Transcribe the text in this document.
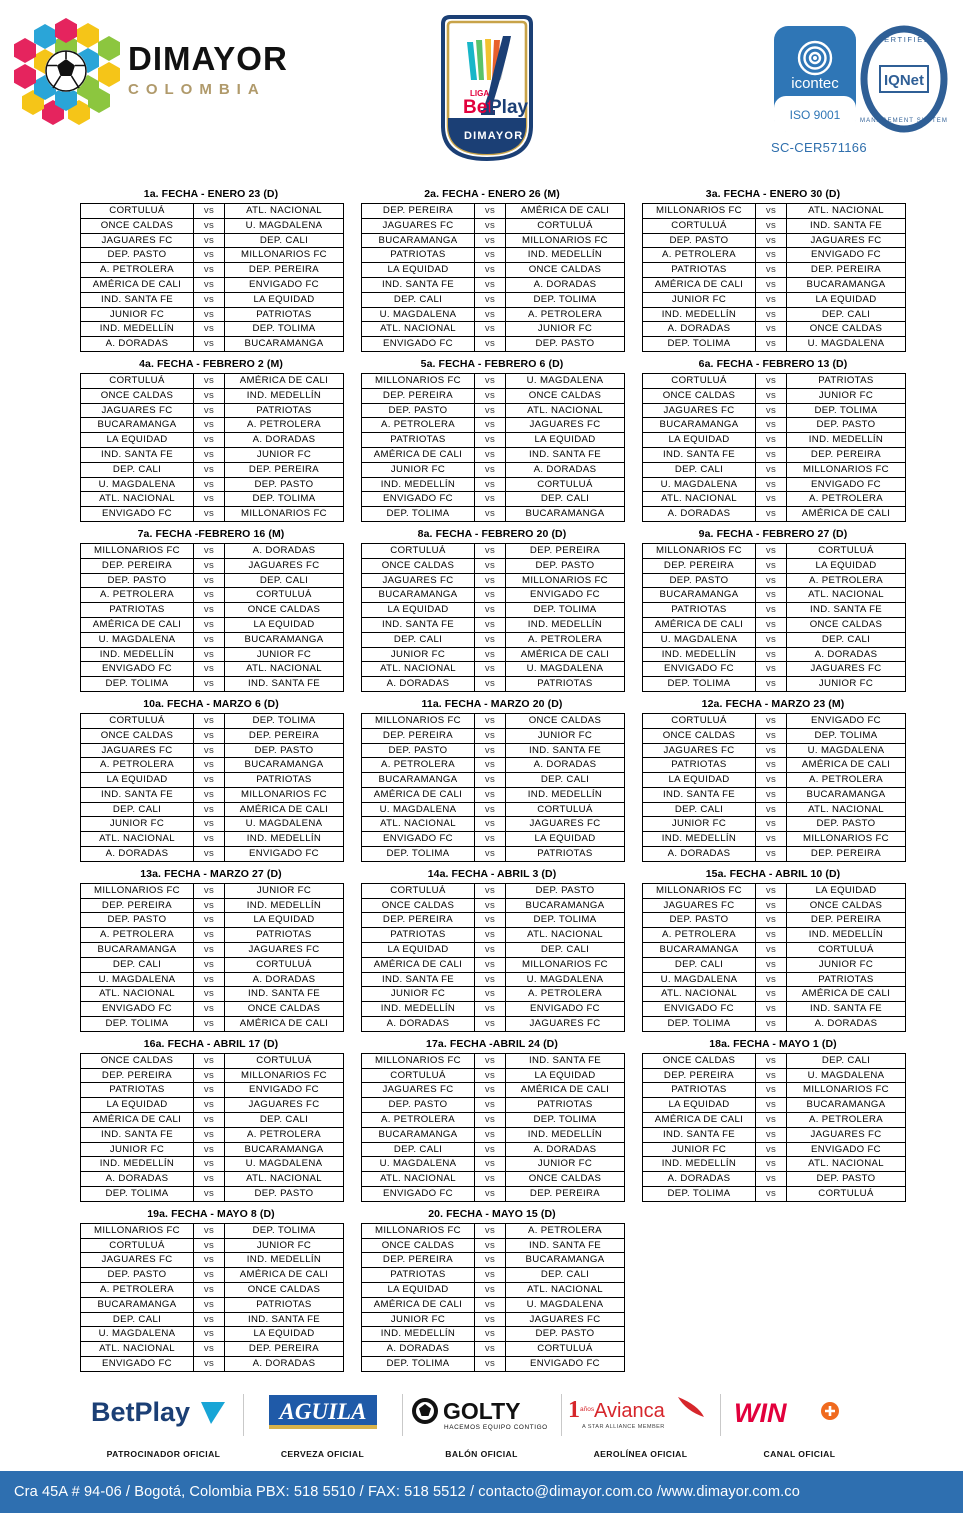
DIMAYOR
COLOMBIA	LIGA
Bet
Play
DIMAYOR
icontec
ISO 9001
IQNet
CERTIFIED
MANAGEMENT SYSTEM
SC-CER571166
1a. FECHA - ENERO 23 (D)
CORTULUÁ	vs	ATL. NACIONAL
ONCE CALDAS	vs	U. MAGDALENA
JAGUARES FC	vs	DEP. CALI
DEP. PASTO	vs	MILLONARIOS FC
A. PETROLERA	vs	DEP. PEREIRA
AMÉRICA DE CALI	vs	ENVIGADO FC
IND. SANTA FE	vs	LA EQUIDAD
JUNIOR FC	vs	PATRIOTAS
IND. MEDELLÍN	vs	DEP. TOLIMA
A. DORADAS	vs	BUCARAMANGA
2a. FECHA - ENERO 26 (M)
DEP. PEREIRA	vs	AMÉRICA DE CALI
JAGUARES FC	vs	CORTULUÁ
BUCARAMANGA	vs	MILLONARIOS FC
PATRIOTAS	vs	IND. MEDELLÍN
LA EQUIDAD	vs	ONCE CALDAS
IND. SANTA FE	vs	A. DORADAS
DEP. CALI	vs	DEP. TOLIMA
U. MAGDALENA	vs	A. PETROLERA
ATL. NACIONAL	vs	JUNIOR FC
ENVIGADO FC	vs	DEP. PASTO
3a. FECHA - ENERO 30 (D)
MILLONARIOS FC	vs	ATL. NACIONAL
CORTULUÁ	vs	IND. SANTA FE
DEP. PASTO	vs	JAGUARES FC
A. PETROLERA	vs	ENVIGADO FC
PATRIOTAS	vs	DEP. PEREIRA
AMÉRICA DE CALI	vs	BUCARAMANGA
JUNIOR FC	vs	LA EQUIDAD
IND. MEDELLÍN	vs	DEP. CALI
A. DORADAS	vs	ONCE CALDAS
DEP. TOLIMA	vs	U. MAGDALENA
4a. FECHA - FEBRERO 2 (M)
CORTULUÁ	vs	AMÉRICA DE CALI
ONCE CALDAS	vs	IND. MEDELLÍN
JAGUARES FC	vs	PATRIOTAS
BUCARAMANGA	vs	A. PETROLERA
LA EQUIDAD	vs	A. DORADAS
IND. SANTA FE	vs	JUNIOR FC
DEP. CALI	vs	DEP. PEREIRA
U. MAGDALENA	vs	DEP. PASTO
ATL. NACIONAL	vs	DEP. TOLIMA
ENVIGADO FC	vs	MILLONARIOS FC
5a. FECHA - FEBRERO 6 (D)
MILLONARIOS FC	vs	U. MAGDALENA
DEP. PEREIRA	vs	ONCE CALDAS
DEP. PASTO	vs	ATL. NACIONAL
A. PETROLERA	vs	JAGUARES FC
PATRIOTAS	vs	LA EQUIDAD
AMÉRICA DE CALI	vs	IND. SANTA FE
JUNIOR FC	vs	A. DORADAS
IND. MEDELLÍN	vs	CORTULUÁ
ENVIGADO FC	vs	DEP. CALI
DEP. TOLIMA	vs	BUCARAMANGA
6a. FECHA - FEBRERO 13 (D)
CORTULUÁ	vs	PATRIOTAS
ONCE CALDAS	vs	JUNIOR FC
JAGUARES FC	vs	DEP. TOLIMA
BUCARAMANGA	vs	DEP. PASTO
LA EQUIDAD	vs	IND. MEDELLÍN
IND. SANTA FE	vs	DEP. PEREIRA
DEP. CALI	vs	MILLONARIOS FC
U. MAGDALENA	vs	ENVIGADO FC
ATL. NACIONAL	vs	A. PETROLERA
A. DORADAS	vs	AMÉRICA DE CALI
7a. FECHA -FEBRERO 16 (M)
MILLONARIOS FC	vs	A. DORADAS
DEP. PEREIRA	vs	JAGUARES FC
DEP. PASTO	vs	DEP. CALI
A. PETROLERA	vs	CORTULUÁ
PATRIOTAS	vs	ONCE CALDAS
AMÉRICA DE CALI	vs	LA EQUIDAD
U. MAGDALENA	vs	BUCARAMANGA
IND. MEDELLÍN	vs	JUNIOR FC
ENVIGADO FC	vs	ATL. NACIONAL
DEP. TOLIMA	vs	IND. SANTA FE
8a. FECHA - FEBRERO 20 (D)
CORTULUÁ	vs	DEP. PEREIRA
ONCE CALDAS	vs	DEP. PASTO
JAGUARES FC	vs	MILLONARIOS FC
BUCARAMANGA	vs	ENVIGADO FC
LA EQUIDAD	vs	DEP. TOLIMA
IND. SANTA FE	vs	IND. MEDELLÍN
DEP. CALI	vs	A. PETROLERA
JUNIOR FC	vs	AMÉRICA DE CALI
ATL. NACIONAL	vs	U. MAGDALENA
A. DORADAS	vs	PATRIOTAS
9a. FECHA - FEBRERO 27 (D)
MILLONARIOS FC	vs	CORTULUÁ
DEP. PEREIRA	vs	LA EQUIDAD
DEP. PASTO	vs	A. PETROLERA
BUCARAMANGA	vs	ATL. NACIONAL
PATRIOTAS	vs	IND. SANTA FE
AMÉRICA DE CALI	vs	ONCE CALDAS
U. MAGDALENA	vs	DEP. CALI
IND. MEDELLÍN	vs	A. DORADAS
ENVIGADO FC	vs	JAGUARES FC
DEP. TOLIMA	vs	JUNIOR FC
10a. FECHA - MARZO 6 (D)
CORTULUÁ	vs	DEP. TOLIMA
ONCE CALDAS	vs	DEP. PEREIRA
JAGUARES FC	vs	DEP. PASTO
A. PETROLERA	vs	BUCARAMANGA
LA EQUIDAD	vs	PATRIOTAS
IND. SANTA FE	vs	MILLONARIOS FC
DEP. CALI	vs	AMÉRICA DE CALI
JUNIOR FC	vs	U. MAGDALENA
ATL. NACIONAL	vs	IND. MEDELLÍN
A. DORADAS	vs	ENVIGADO FC
11a. FECHA - MARZO 20 (D)
MILLONARIOS FC	vs	ONCE CALDAS
DEP. PEREIRA	vs	JUNIOR FC
DEP. PASTO	vs	IND. SANTA FE
A. PETROLERA	vs	A. DORADAS
BUCARAMANGA	vs	DEP. CALI
AMÉRICA DE CALI	vs	IND. MEDELLÍN
U. MAGDALENA	vs	CORTULUÁ
ATL. NACIONAL	vs	JAGUARES FC
ENVIGADO FC	vs	LA EQUIDAD
DEP. TOLIMA	vs	PATRIOTAS
12a. FECHA - MARZO 23 (M)
CORTULUÁ	vs	ENVIGADO FC
ONCE CALDAS	vs	DEP. TOLIMA
JAGUARES FC	vs	U. MAGDALENA
PATRIOTAS	vs	AMÉRICA DE CALI
LA EQUIDAD	vs	A. PETROLERA
IND. SANTA FE	vs	BUCARAMANGA
DEP. CALI	vs	ATL. NACIONAL
JUNIOR FC	vs	DEP. PASTO
IND. MEDELLÍN	vs	MILLONARIOS FC
A. DORADAS	vs	DEP. PEREIRA
13a. FECHA - MARZO 27 (D)
MILLONARIOS FC	vs	JUNIOR FC
DEP. PEREIRA	vs	IND. MEDELLÍN
DEP. PASTO	vs	LA EQUIDAD
A. PETROLERA	vs	PATRIOTAS
BUCARAMANGA	vs	JAGUARES FC
DEP. CALI	vs	CORTULUÁ
U. MAGDALENA	vs	A. DORADAS
ATL. NACIONAL	vs	IND. SANTA FE
ENVIGADO FC	vs	ONCE CALDAS
DEP. TOLIMA	vs	AMÉRICA DE CALI
14a. FECHA - ABRIL 3 (D)
CORTULUÁ	vs	DEP. PASTO
ONCE CALDAS	vs	BUCARAMANGA
DEP. PEREIRA	vs	DEP. TOLIMA
PATRIOTAS	vs	ATL. NACIONAL
LA EQUIDAD	vs	DEP. CALI
AMÉRICA DE CALI	vs	MILLONARIOS FC
IND. SANTA FE	vs	U. MAGDALENA
JUNIOR FC	vs	A. PETROLERA
IND. MEDELLÍN	vs	ENVIGADO FC
A. DORADAS	vs	JAGUARES FC
15a. FECHA - ABRIL 10 (D)
MILLONARIOS FC	vs	LA EQUIDAD
JAGUARES FC	vs	ONCE CALDAS
DEP. PASTO	vs	DEP. PEREIRA
A. PETROLERA	vs	IND. MEDELLÍN
BUCARAMANGA	vs	CORTULUÁ
DEP. CALI	vs	JUNIOR FC
U. MAGDALENA	vs	PATRIOTAS
ATL. NACIONAL	vs	AMÉRICA DE CALI
ENVIGADO FC	vs	IND. SANTA FE
DEP. TOLIMA	vs	A. DORADAS
16a. FECHA - ABRIL 17 (D)
ONCE CALDAS	vs	CORTULUÁ
DEP. PEREIRA	vs	MILLONARIOS FC
PATRIOTAS	vs	ENVIGADO FC
LA EQUIDAD	vs	JAGUARES FC
AMÉRICA DE CALI	vs	DEP. CALI
IND. SANTA FE	vs	A. PETROLERA
JUNIOR FC	vs	BUCARAMANGA
IND. MEDELLÍN	vs	U. MAGDALENA
A. DORADAS	vs	ATL. NACIONAL
DEP. TOLIMA	vs	DEP. PASTO
17a. FECHA -ABRIL 24 (D)
MILLONARIOS FC	vs	IND. SANTA FE
CORTULUÁ	vs	LA EQUIDAD
JAGUARES FC	vs	AMÉRICA DE CALI
DEP. PASTO	vs	PATRIOTAS
A. PETROLERA	vs	DEP. TOLIMA
BUCARAMANGA	vs	IND. MEDELLÍN
DEP. CALI	vs	A. DORADAS
U. MAGDALENA	vs	JUNIOR FC
ATL. NACIONAL	vs	ONCE CALDAS
ENVIGADO FC	vs	DEP. PEREIRA
18a. FECHA - MAYO 1 (D)
ONCE CALDAS	vs	DEP. CALI
DEP. PEREIRA	vs	U. MAGDALENA
PATRIOTAS	vs	MILLONARIOS FC
LA EQUIDAD	vs	BUCARAMANGA
AMÉRICA DE CALI	vs	A. PETROLERA
IND. SANTA FE	vs	JAGUARES FC
JUNIOR FC	vs	ENVIGADO FC
IND. MEDELLÍN	vs	ATL. NACIONAL
A. DORADAS	vs	DEP. PASTO
DEP. TOLIMA	vs	CORTULUÁ
19a. FECHA - MAYO 8 (D)
MILLONARIOS FC	vs	DEP. TOLIMA
CORTULUÁ	vs	JUNIOR FC
JAGUARES FC	vs	IND. MEDELLÍN
DEP. PASTO	vs	AMÉRICA DE CALI
A. PETROLERA	vs	ONCE CALDAS
BUCARAMANGA	vs	PATRIOTAS
DEP. CALI	vs	IND. SANTA FE
U. MAGDALENA	vs	LA EQUIDAD
ATL. NACIONAL	vs	DEP. PEREIRA
ENVIGADO FC	vs	A. DORADAS
20. FECHA - MAYO 15 (D)
MILLONARIOS FC	vs	A. PETROLERA
ONCE CALDAS	vs	IND. SANTA FE
DEP. PEREIRA	vs	BUCARAMANGA
PATRIOTAS	vs	DEP. CALI
LA EQUIDAD	vs	ATL. NACIONAL
AMÉRICA DE CALI	vs	U. MAGDALENA
JUNIOR FC	vs	JAGUARES FC
IND. MEDELLÍN	vs	DEP. PASTO
A. DORADAS	vs	CORTULUÁ
DEP. TOLIMA	vs	ENVIGADO FC
BetPlay
PATROCINADOR OFICIAL
AGUILA
CERVEZA OFICIAL
GOLTY
HACEMOS EQUIPO CONTIGO
BALÓN OFICIAL
1 años Avianca
A STAR ALLIANCE MEMBER
AEROLÍNEA OFICIAL
WIN
CANAL OFICIAL
Cra 45A # 94-06 / Bogotá, Colombia PBX: 518 5510 / FAX: 518 5512 / contacto@dimayor.com.co /www.dimayor.com.co
